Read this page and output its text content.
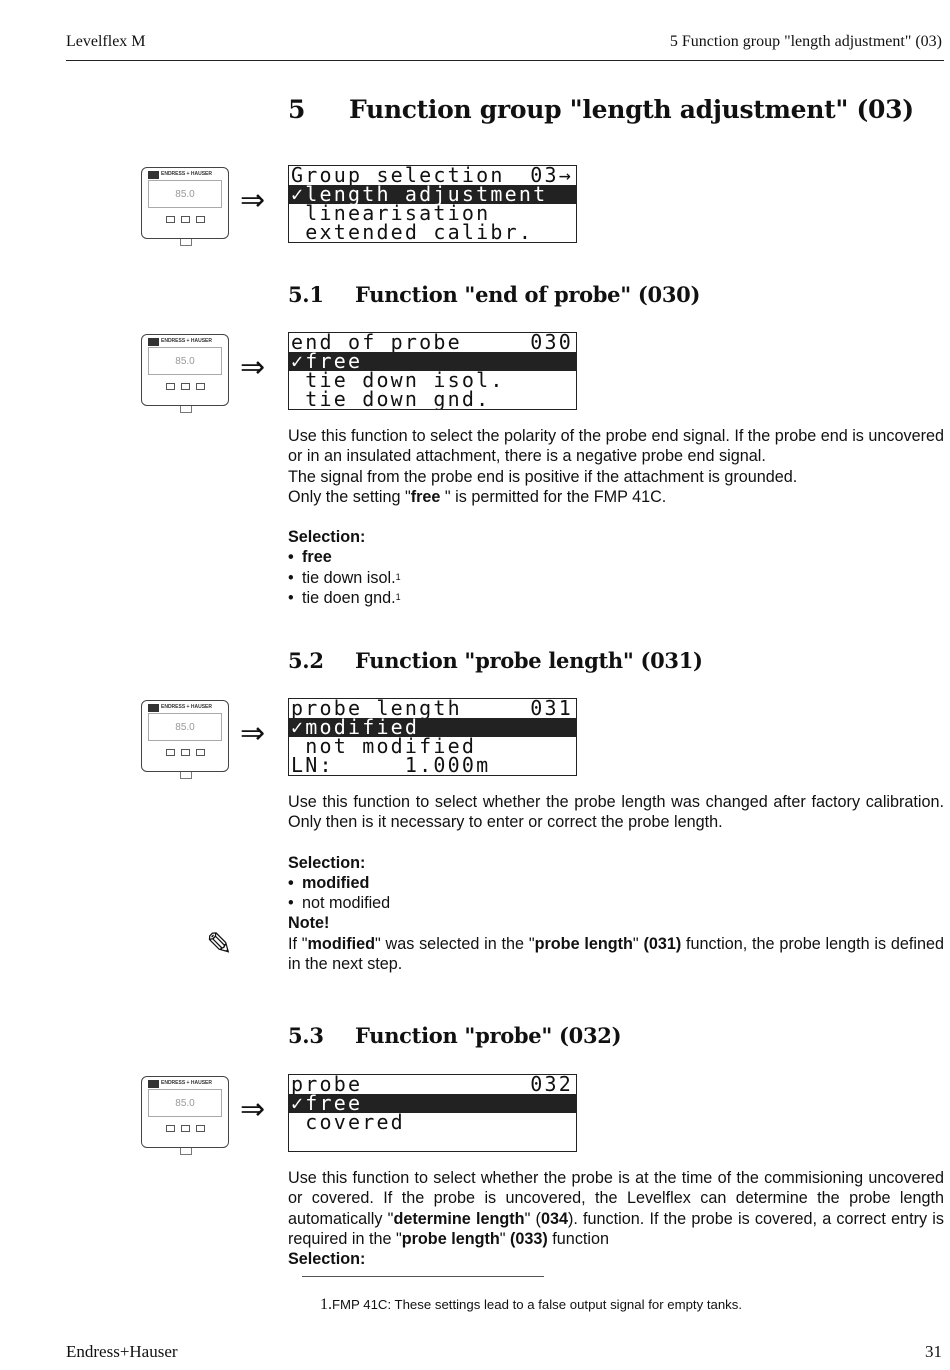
Levelflex M	5 Function group "length adjustment" (03)
5 Function group "length adjustment" (03)
ENDRESS + HAUSER
85.0	⇒
Group selection 03→
✓length adjustment
linearisation
extended calibr.
5.1 Function "end of probe" (030)
ENDRESS + HAUSER
85.0	⇒
end of probe	030
✓free
tie down isol.
tie down gnd.

Use this function to select the polarity of the probe end signal. If the probe end is uncovered or in an insulated attachment, there is a negative probe end signal.

The signal from the probe end is positive if the attachment is grounded.

Only the setting "free " is permitted for the FMP 41C.

Selection:

• free
• tie down isol.$^1$
• tie doen gnd.$^1$
5.2 Function "probe length" (031)
ENDRESS + HAUSER
85.0	⇒
probe length	031
✓modified
not modified
LN:     1.000m

Use this function to select whether the probe length was changed after factory calibration. Only then is it necessary to enter or correct the probe length.

Selection:

• modified
• not modified

Note!

If "modified" was selected in the "probe length" (031) function, the probe length is defined in the next step.

✎
5.3 Function "probe" (032)
ENDRESS + HAUSER
85.0	⇒
probe	032
✓free
covered

Use this function to select whether the probe is at the time of the commisioning uncovered or covered. If the probe is uncovered, the Levelflex can determine the probe length automatically "determine length" (034). function. If the probe is covered, a correct entry is required in the "probe length" (033) function

Selection:

1.FMP 41C: These settings lead to a false output signal for empty tanks.
Endress+Hauser	31
